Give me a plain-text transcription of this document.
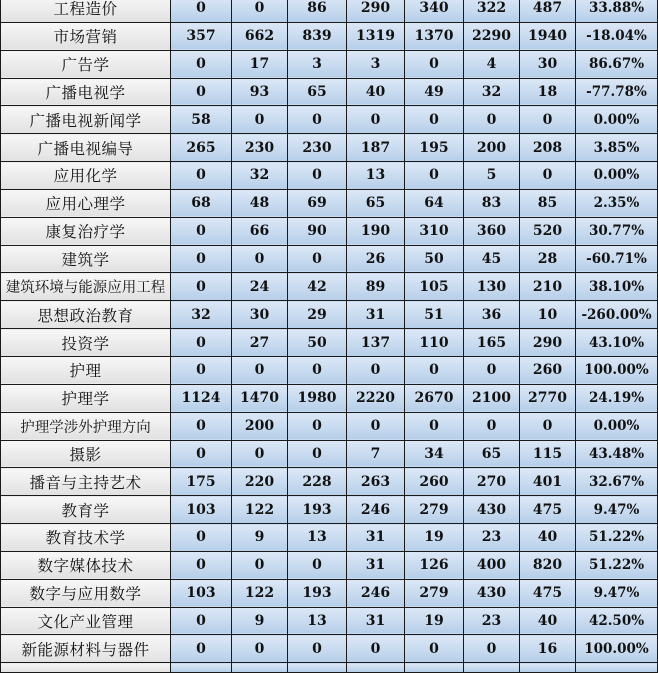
工程造价	0	0	86	290	340	322	487	33.88%
市场营销	357	662	839	1319	1370	2290	1940	-18.04%
广告学	0	17	3	3	0	4	30	86.67%
广播电视学	0	93	65	40	49	32	18	-77.78%
广播电视新闻学	58	0	0	0	0	0	0	0.00%
广播电视编导	265	230	230	187	195	200	208	3.85%
应用化学	0	32	0	13	0	5	0	0.00%
应用心理学	68	48	69	65	64	83	85	2.35%
康复治疗学	0	66	90	190	310	360	520	30.77%
建筑学	0	0	0	26	50	45	28	-60.71%
建筑环境与能源应用工程	0	24	42	89	105	130	210	38.10%
思想政治教育	32	30	29	31	51	36	10	-260.00%
投资学	0	27	50	137	110	165	290	43.10%
护理	0	0	0	0	0	0	260	100.00%
护理学	1124	1470	1980	2220	2670	2100	2770	24.19%
护理学涉外护理方向	0	200	0	0	0	0	0	0.00%
摄影	0	0	0	7	34	65	115	43.48%
播音与主持艺术	175	220	228	263	260	270	401	32.67%
教育学	103	122	193	246	279	430	475	9.47%
教育技术学	0	9	13	31	19	23	40	51.22%
数字媒体技术	0	0	0	31	126	400	820	51.22%
数字与应用数学	103	122	193	246	279	430	475	9.47%
文化产业管理	0	9	13	31	19	23	40	42.50%
新能源材料与器件	0	0	0	0	0	0	16	100.00%
